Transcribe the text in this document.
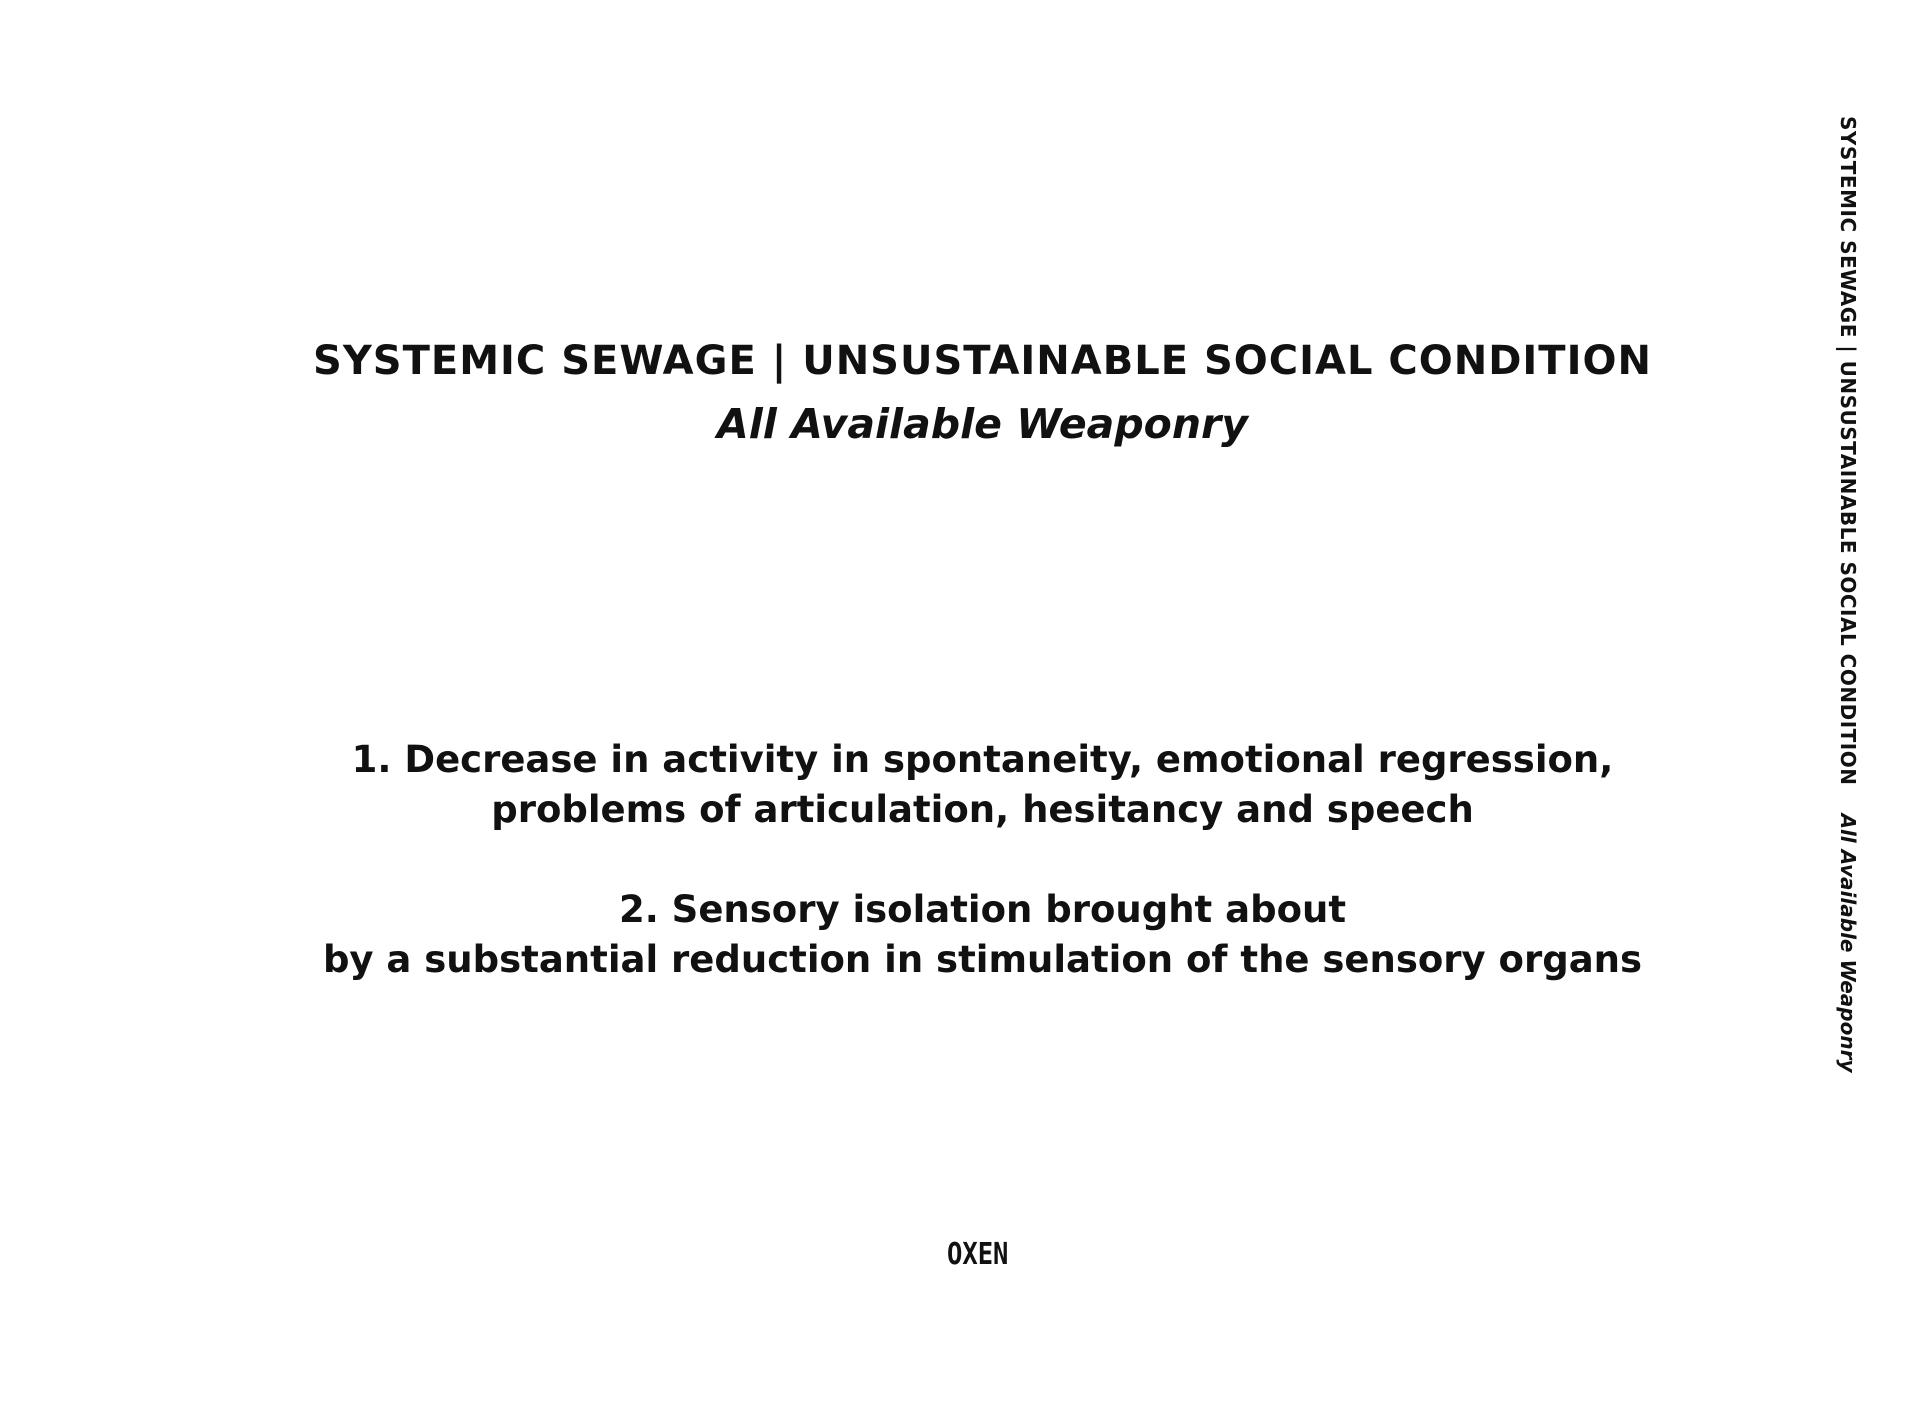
SYSTEMIC SEWAGE | UNSUSTAINABLE SOCIAL CONDITION
All Available Weaponry
1. Decrease in activity in spontaneity, emotional regression,
problems of articulation, hesitancy and speech
2. Sensory isolation brought about
by a substantial reduction in stimulation of the sensory organs
OXEN
SYSTEMIC SEWAGE | UNSUSTAINABLE SOCIAL CONDITIONAll Available Weaponry
